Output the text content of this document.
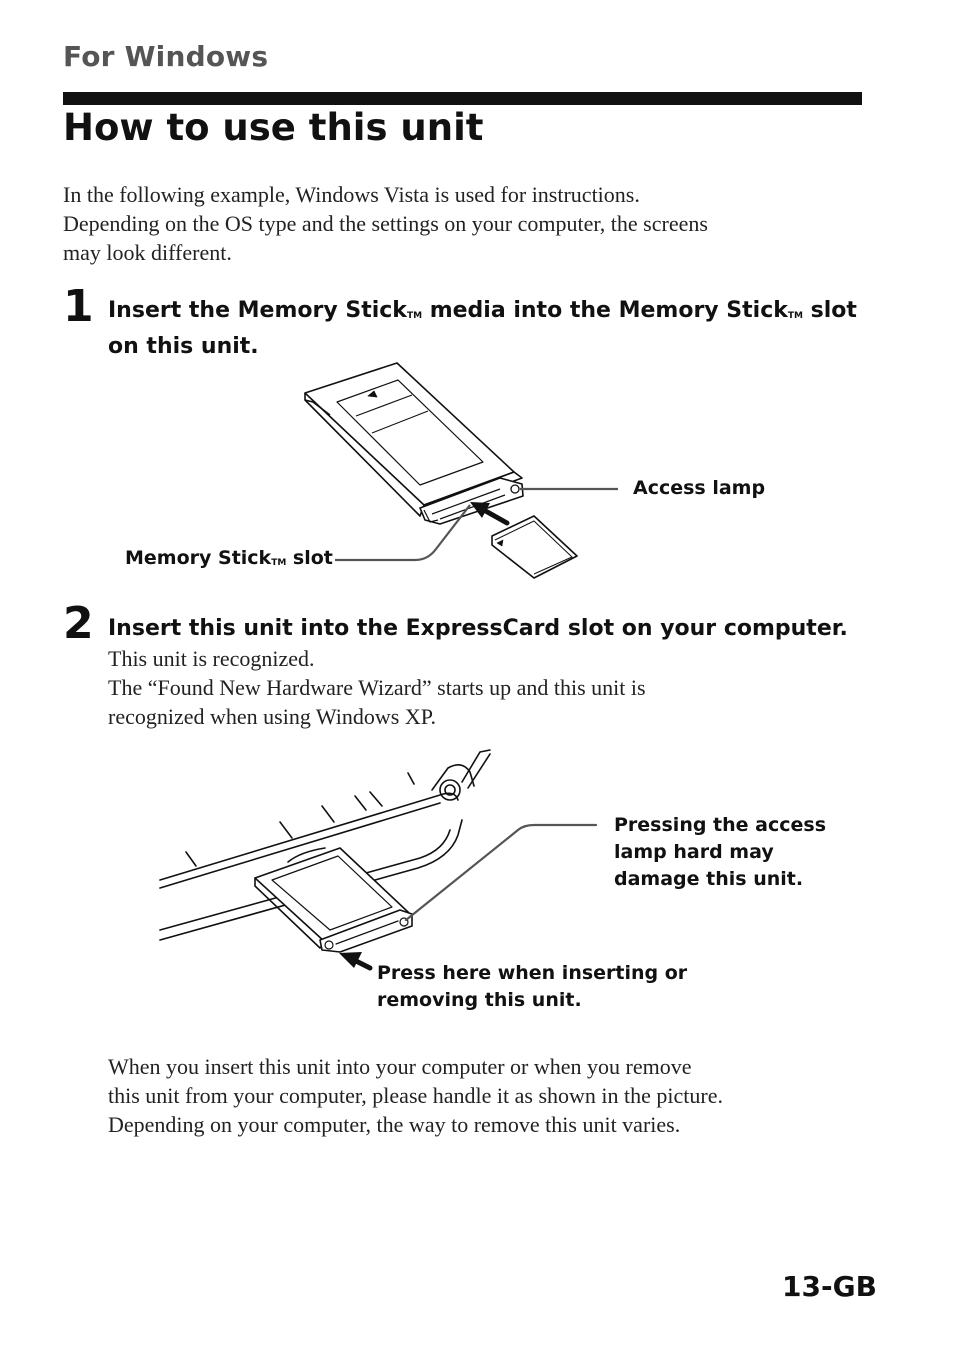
For Windows
How to use this unit
In the following example, Windows Vista is used for instructions.
Depending on the OS type and the settings on your computer, the screens
may look different.
1 Insert the Memory StickTM media into the Memory StickTM slot
on this unit.
Access lamp
Memory StickTM slot
2 Insert this unit into the ExpressCard slot on your computer.
This unit is recognized.
The “Found New Hardware Wizard” starts up and this unit is
recognized when using Windows XP.
Pressing the access
lamp hard may
damage this unit.
Press here when inserting or
removing this unit.
When you insert this unit into your computer or when you remove
this unit from your computer, please handle it as shown in the picture.
Depending on your computer, the way to remove this unit varies.
13-GB
